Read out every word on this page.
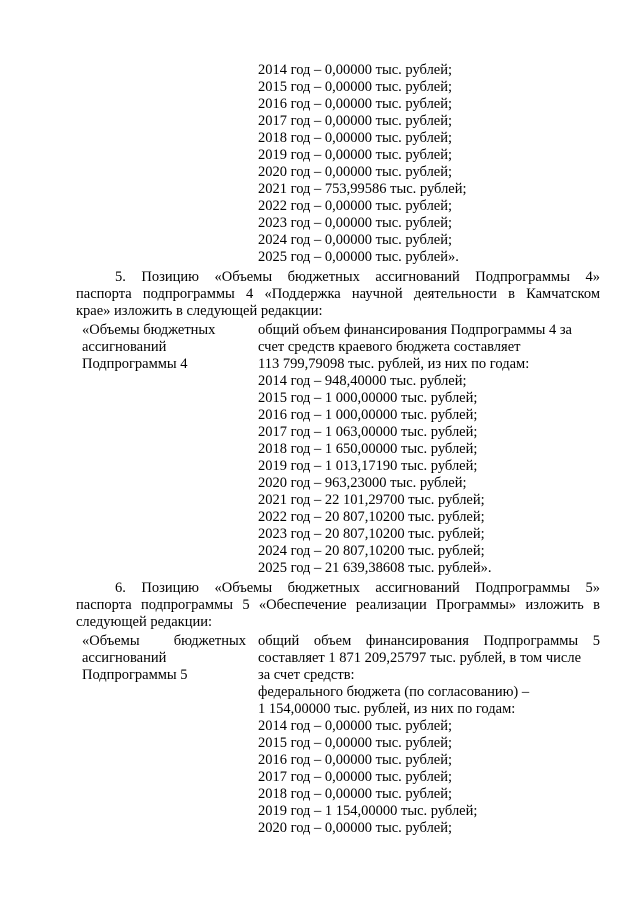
2014 год – 0,00000 тыс. рублей;
2015 год – 0,00000 тыс. рублей;
2016 год – 0,00000 тыс. рублей;
2017 год – 0,00000 тыс. рублей;
2018 год – 0,00000 тыс. рублей;
2019 год – 0,00000 тыс. рублей;
2020 год – 0,00000 тыс. рублей;
2021 год – 753,99586 тыс. рублей;
2022 год – 0,00000 тыс. рублей;
2023 год – 0,00000 тыс. рублей;
2024 год – 0,00000 тыс. рублей;
2025 год – 0,00000 тыс. рублей».
5. Позицию «Объемы бюджетных ассигнований Подпрограммы 4»
паспорта подпрограммы 4 «Поддержка научной деятельности в Камчатском
крае» изложить в следующей редакции:
«Объемы бюджетных
ассигнований
Подпрограммы 4
общий объем финансирования Подпрограммы 4 за
счет средств краевого бюджета составляет
113 799,79098 тыс. рублей, из них по годам:
2014 год – 948,40000 тыс. рублей;
2015 год – 1 000,00000 тыс. рублей;
2016 год – 1 000,00000 тыс. рублей;
2017 год – 1 063,00000 тыс. рублей;
2018 год – 1 650,00000 тыс. рублей;
2019 год – 1 013,17190 тыс. рублей;
2020 год – 963,23000 тыс. рублей;
2021 год – 22 101,29700 тыс. рублей;
2022 год – 20 807,10200 тыс. рублей;
2023 год – 20 807,10200 тыс. рублей;
2024 год – 20 807,10200 тыс. рублей;
2025 год – 21 639,38608 тыс. рублей».
6. Позицию «Объемы бюджетных ассигнований Подпрограммы 5»
паспорта подпрограммы 5 «Обеспечение реализации Программы» изложить в
следующей редакции:
«Объемы бюджетных
ассигнований
Подпрограммы 5
общий объем финансирования Подпрограммы 5
составляет 1 871 209,25797 тыс. рублей, в том числе
за счет средств:
федерального бюджета (по согласованию) –
1 154,00000 тыс. рублей, из них по годам:
2014 год – 0,00000 тыс. рублей;
2015 год – 0,00000 тыс. рублей;
2016 год – 0,00000 тыс. рублей;
2017 год – 0,00000 тыс. рублей;
2018 год – 0,00000 тыс. рублей;
2019 год – 1 154,00000 тыс. рублей;
2020 год – 0,00000 тыс. рублей;
